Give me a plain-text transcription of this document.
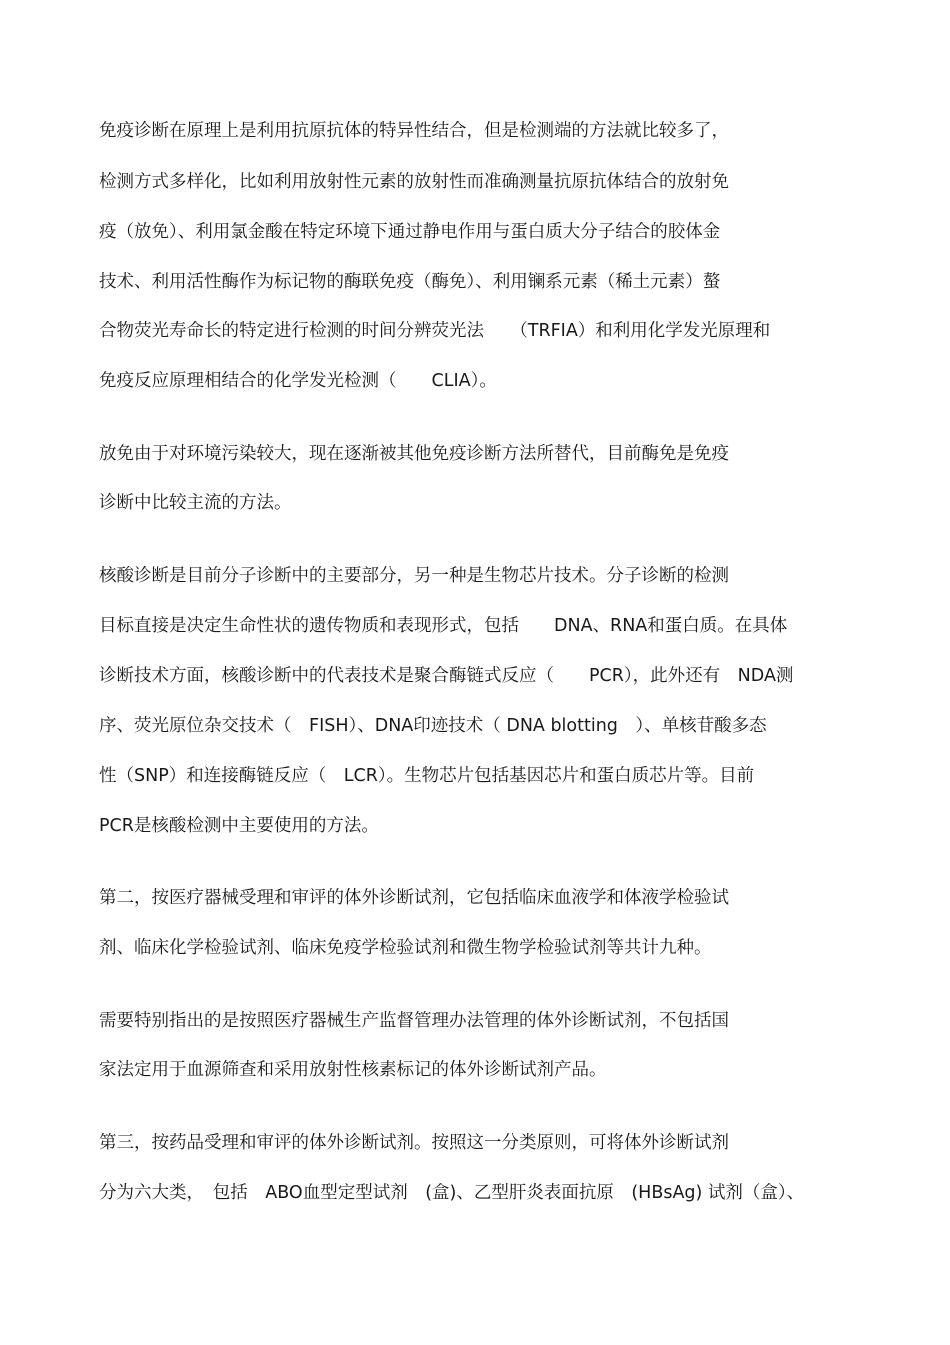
免疫诊断在原理上是利用抗原抗体的特异性结合，但是检测端的方法就比较多了，
检测方式多样化，比如利用放射性元素的放射性而准确测量抗原抗体结合的放射免
疫（放免）、利用氯金酸在特定环境下通过静电作用与蛋白质大分子结合的胶体金
技术、利用活性酶作为标记物的酶联免疫（酶免）、利用镧系元素（稀土元素）螯
合物荧光寿命长的特定进行检测的时间分辨荧光法　　（TRFIA）和利用化学发光原理和
免疫反应原理相结合的化学发光检测（　　CLIA）。
放免由于对环境污染较大，现在逐渐被其他免疫诊断方法所替代，目前酶免是免疫
诊断中比较主流的方法。
核酸诊断是目前分子诊断中的主要部分，另一种是生物芯片技术。分子诊断的检测
目标直接是决定生命性状的遗传物质和表现形式，包括　　DNA、RNA和蛋白质。在具体
诊断技术方面，核酸诊断中的代表技术是聚合酶链式反应（　　PCR），此外还有　NDA测
序、荧光原位杂交技术（　FISH）、DNA印迹技术（ DNA blotting　）、单核苷酸多态
性（SNP）和连接酶链反应（　LCR）。生物芯片包括基因芯片和蛋白质芯片等。目前
PCR是核酸检测中主要使用的方法。
第二，按医疗器械受理和审评的体外诊断试剂，它包括临床血液学和体液学检验试
剂、临床化学检验试剂、临床免疫学检验试剂和微生物学检验试剂等共计九种。
需要特别指出的是按照医疗器械生产监督管理办法管理的体外诊断试剂，不包括国
家法定用于血源筛查和采用放射性核素标记的体外诊断试剂产品。
第三，按药品受理和审评的体外诊断试剂。按照这一分类原则，可将体外诊断试剂
分为六大类，　包括　ABO血型定型试剂　(盒)、乙型肝炎表面抗原　(HBsAg) 试剂（盒）、
